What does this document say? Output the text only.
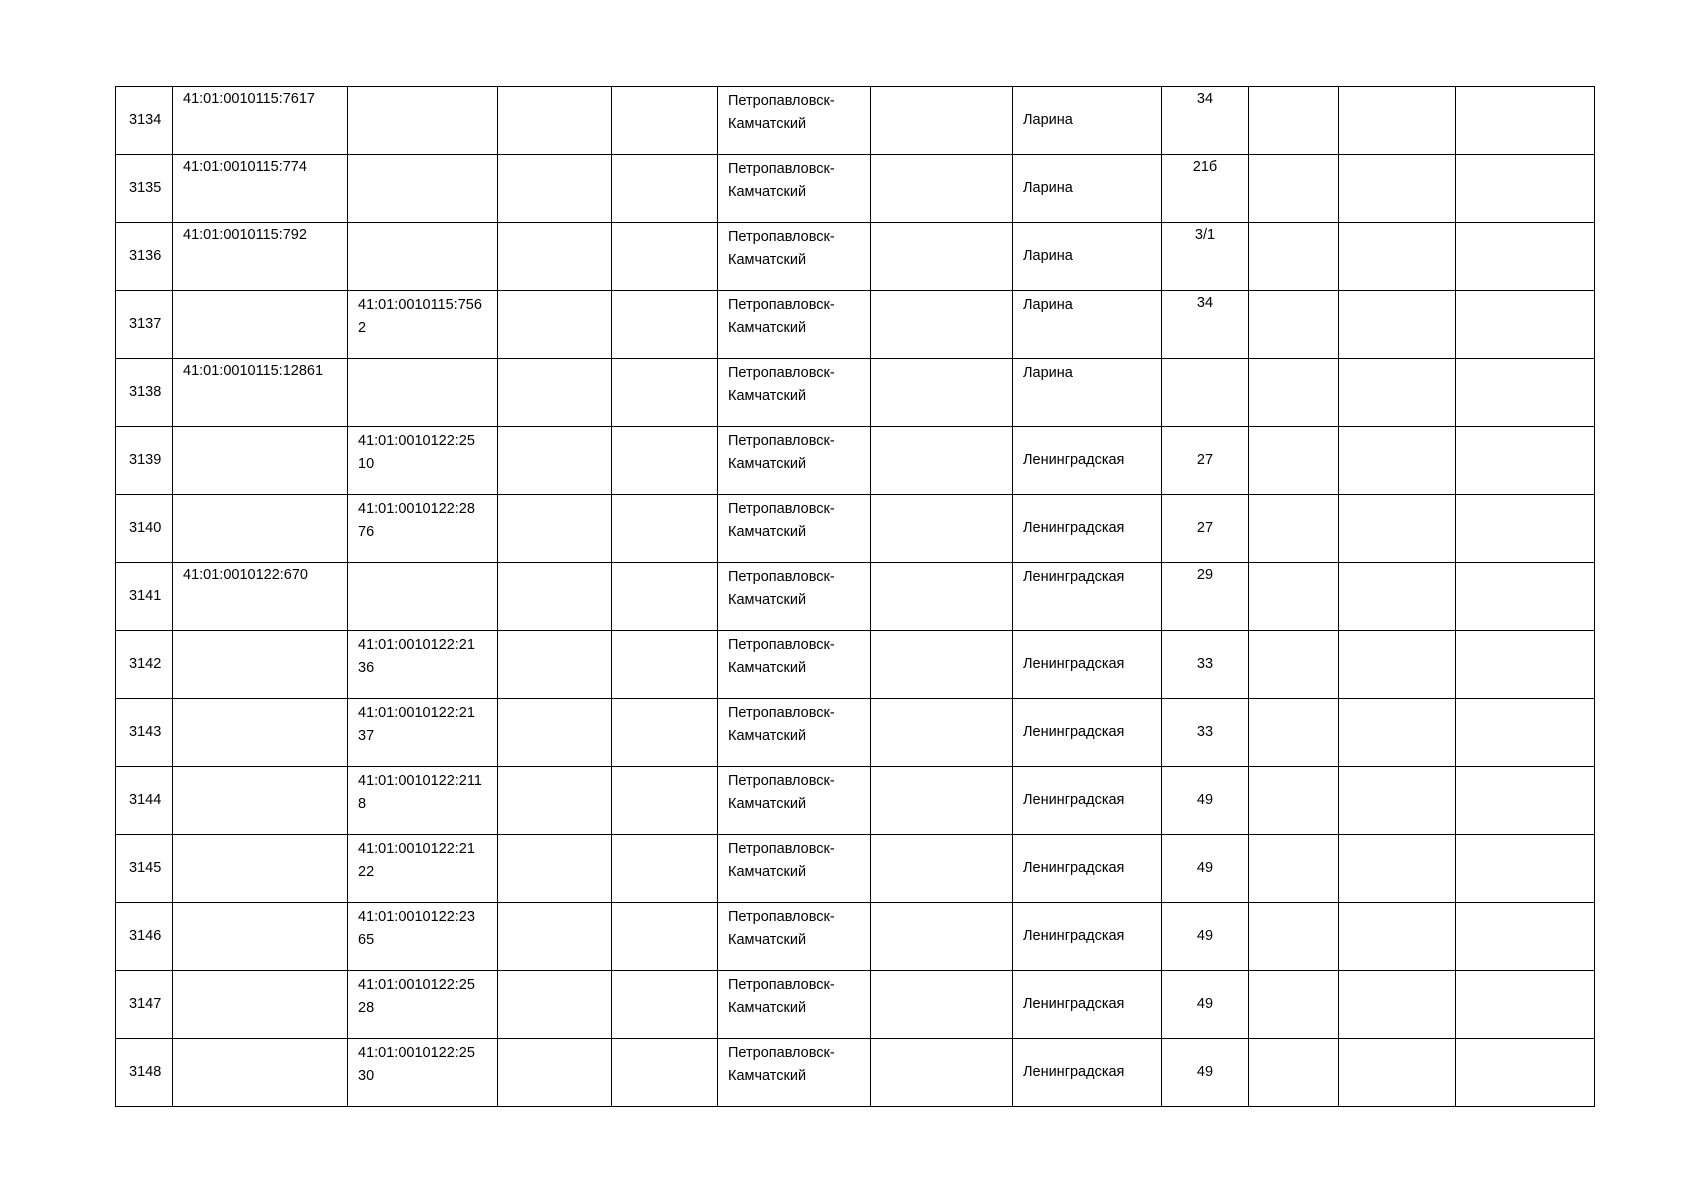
3134	41:01:0010115:7617				Петропавловск-Камчатский		Ларина	34			
3135	41:01:0010115:774				Петропавловск-Камчатский		Ларина	21б			
3136	41:01:0010115:792				Петропавловск-Камчатский		Ларина	3/1			
3137		41:01:0010115:7562			Петропавловск-Камчатский		Ларина	34			
3138	41:01:0010115:12861				Петропавловск-Камчатский		Ларина				
3139		41:01:0010122:2510			Петропавловск-Камчатский		Ленинградская	27			
3140		41:01:0010122:2876			Петропавловск-Камчатский		Ленинградская	27			
3141	41:01:0010122:670				Петропавловск-Камчатский		Ленинградская	29			
3142		41:01:0010122:2136			Петропавловск-Камчатский		Ленинградская	33			
3143		41:01:0010122:2137			Петропавловск-Камчатский		Ленинградская	33			
3144		41:01:0010122:2118			Петропавловск-Камчатский		Ленинградская	49			
3145		41:01:0010122:2122			Петропавловск-Камчатский		Ленинградская	49			
3146		41:01:0010122:2365			Петропавловск-Камчатский		Ленинградская	49			
3147		41:01:0010122:2528			Петропавловск-Камчатский		Ленинградская	49			
3148		41:01:0010122:2530			Петропавловск-Камчатский		Ленинградская	49			
